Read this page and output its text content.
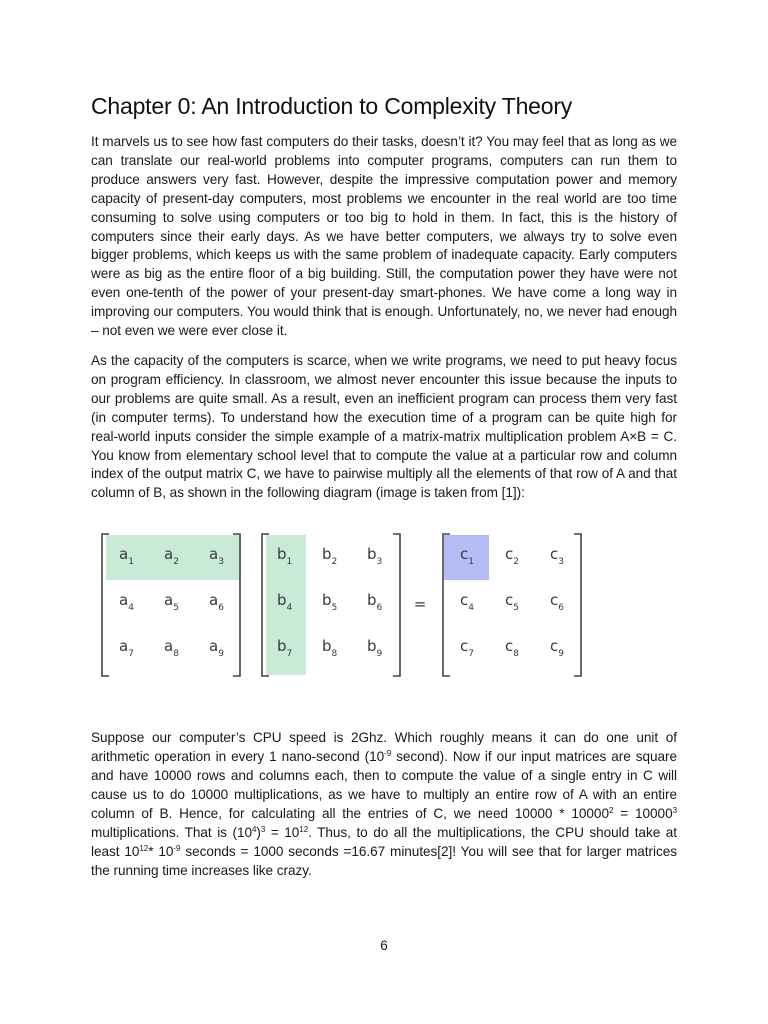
Chapter 0: An Introduction to Complexity Theory

It marvels us to see how fast computers do their tasks, doesn’t it? You may feel that as long as we can translate our real-world problems into computer programs, computers can run them to produce answers very fast. However, despite the impressive computation power and memory capacity of present-day computers, most problems we encounter in the real world are too time consuming to solve using computers or too big to hold in them. In fact, this is the history of computers since their early days. As we have better computers, we always try to solve even bigger problems, which keeps us with the same problem of inadequate capacity. Early computers were as big as the entire floor of a big building. Still, the computation power they have were not even one-tenth of the power of your present-day smart-phones. We have come a long way in improving our computers. You would think that is enough. Unfortunately, no, we never had enough – not even we were ever close it.

As the capacity of the computers is scarce, when we write programs, we need to put heavy focus on program efficiency. In classroom, we almost never encounter this issue because the inputs to our problems are quite small. As a result, even an inefficient program can process them very fast (in computer terms). To understand how the execution time of a program can be quite high for real-world inputs consider the simple example of a matrix-matrix multiplication problem A×B = C. You know from elementary school level that to compute the value at a particular row and column index of the output matrix C, we have to pairwise multiply all the elements of that row of A and that column of B, as shown in the following diagram (image is taken from [1]):

$a_1$ $a_2$ $a_3$
$a_4$ $a_5$ $a_6$
$a_7$ $a_8$ $a_9$
$b_1$ $b_2$ $b_3$
$b_4$ $b_5$ $b_6$
$b_7$ $b_8$ $b_9$
$c_1$ $c_2$ $c_3$
$c_4$ $c_5$ $c_6$
$c_7$ $c_8$ $c_9$
=

Suppose our computer’s CPU speed is 2Ghz. Which roughly means it can do one unit of arithmetic operation in every 1 nano-second ($10^{-9}$ second). Now if our input matrices are square and have 10000 rows and columns each, then to compute the value of a single entry in C will cause us to do 10000 multiplications, as we have to multiply an entire row of A with an entire column of B. Hence, for calculating all the entries of C, we need $10000 * 10000^2 = 10000^3$ multiplications. That is $(10^4)^3 = 10^{12}$. Thus, to do all the multiplications, the CPU should take at least $10^{12}*$ $10^{-9}$ seconds = 1000 seconds =16.67 minutes[2]! You will see that for larger matrices the running time increases like crazy.

6
